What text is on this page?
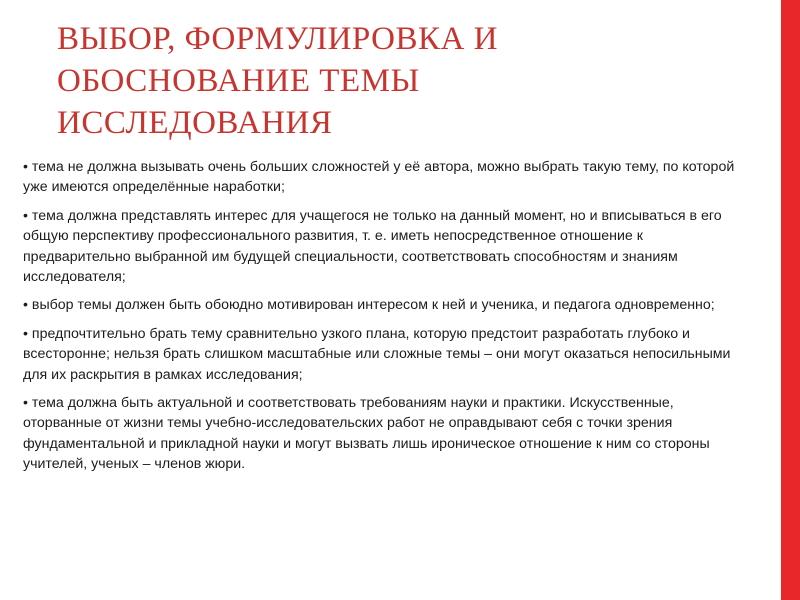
ВЫБОР, ФОРМУЛИРОВКА И
ОБОСНОВАНИЕ ТЕМЫ
ИССЛЕДОВАНИЯ

• тема не должна вызывать очень больших сложностей у её автора, можно выбрать такую тему, по которой уже имеются определённые наработки;

• тема должна представлять интерес для учащегося не только на данный момент, но и вписываться в его общую перспективу профессионального развития, т. е. иметь непосредственное отношение к предварительно выбранной им будущей специальности, соответствовать способностям и знаниям исследователя;

• выбор темы должен быть обоюдно мотивирован интересом к ней и ученика, и педагога одновременно;

• предпочтительно брать тему сравнительно узкого плана, которую предстоит разработать глубоко и всесторонне; нельзя брать слишком масштабные или сложные темы – они могут оказаться непосильными для их раскрытия в рамках исследования;

• тема должна быть актуальной и соответствовать требованиям науки и практики. Искусственные, оторванные от жизни темы учебно-исследовательских работ не оправдывают себя с точки зрения фундаментальной и прикладной науки и могут вызвать лишь ироническое отношение к ним со стороны учителей, ученых – членов жюри.
